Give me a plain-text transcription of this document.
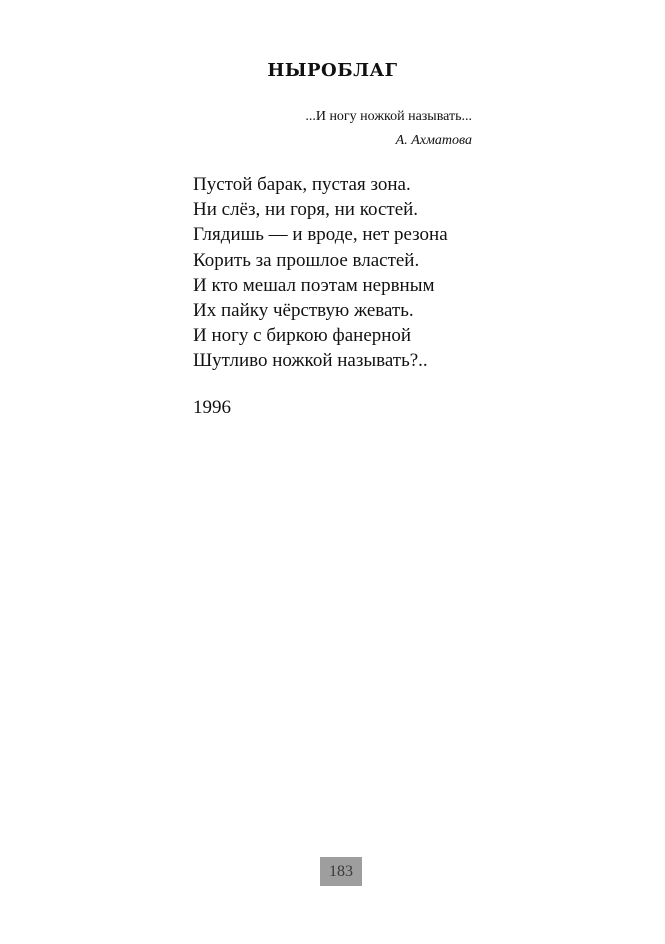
НЫРОБЛАГ
...И ногу ножкой называть...
А. Ахматова
Пустой барак, пустая зона.
Ни слёз, ни горя, ни костей.
Глядишь — и вроде, нет резона
Корить за прошлое властей.
И кто мешал поэтам нервным
Их пайку чёрствую жевать.
И ногу с биркою фанерной
Шутливо ножкой называть?..
1996
183
